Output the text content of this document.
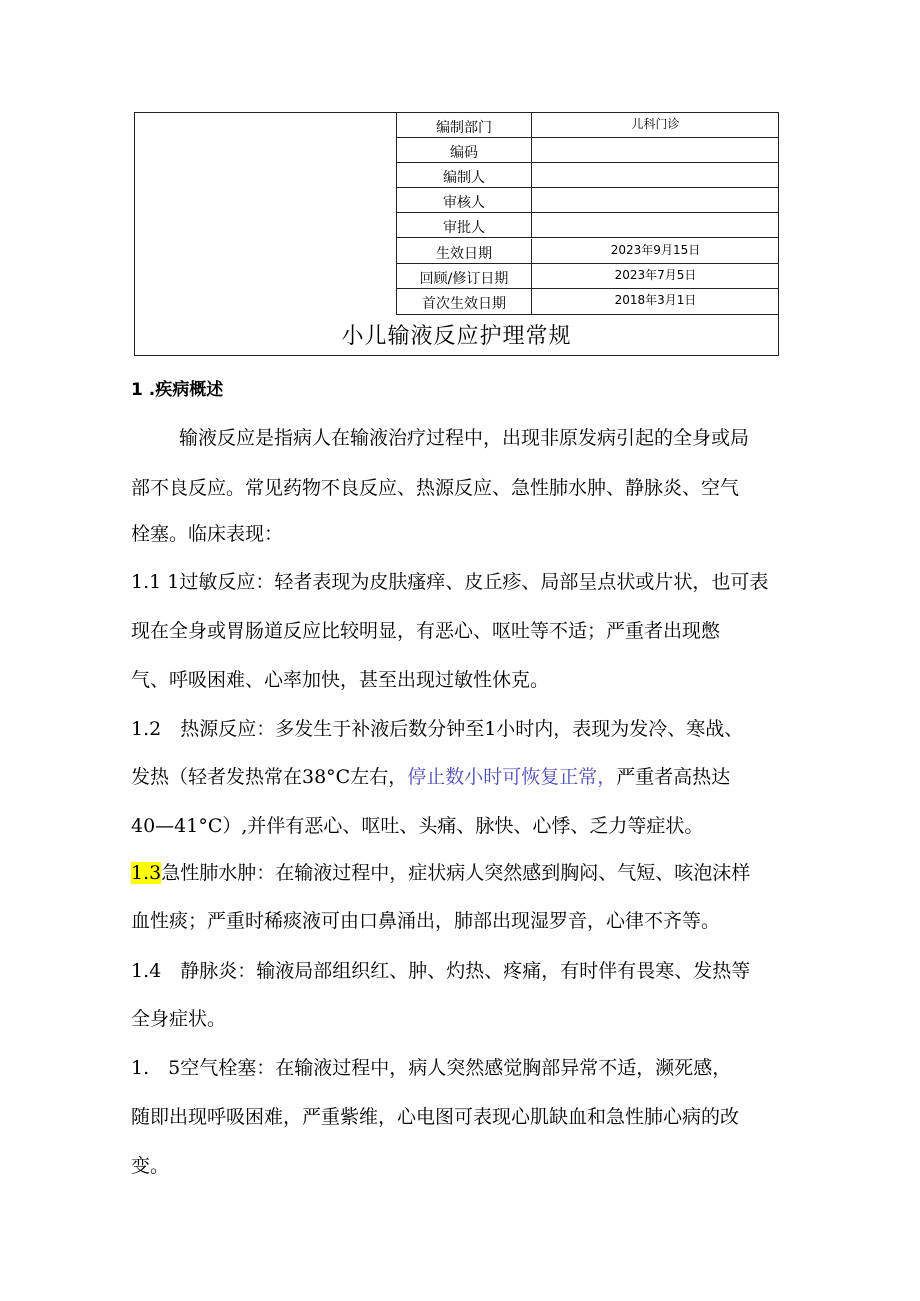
编制部门	儿科门诊
编码
编制人
审核人
审批人
生效日期	2023年9月15日
回顾/修订日期	2023年7月5日
首次生效日期	2018年3月1日
小儿输液反应护理常规
1 .疾病概述
输液反应是指病人在输液治疗过程中，出现非原发病引起的全身或局
部不良反应。常见药物不良反应、热源反应、急性肺水肿、静脉炎、空气
栓塞。临床表现：
1.1 1过敏反应：轻者表现为皮肤瘙痒、皮丘疹、局部呈点状或片状，也可表
现在全身或胃肠道反应比较明显，有恶心、呕吐等不适；严重者出现憋
气、呼吸困难、心率加快，甚至出现过敏性休克。
1.2　热源反应：多发生于补液后数分钟至1小时内，表现为发冷、寒战、
发热（轻者发热常在38°C左右，停止数小时可恢复正常，严重者高热达
40—41°C）,并伴有恶心、呕吐、头痛、脉快、心悸、乏力等症状。
1.3急性肺水肿：在输液过程中，症状病人突然感到胸闷、气短、咳泡沫样
血性痰；严重时稀痰液可由口鼻涌出，肺部出现湿罗音，心律不齐等。
1.4　静脉炎：输液局部组织红、肿、灼热、疼痛，有时伴有畏寒、发热等
全身症状。
1.　5空气栓塞：在输液过程中，病人突然感觉胸部异常不适，濒死感，
随即出现呼吸困难，严重紫维，心电图可表现心肌缺血和急性肺心病的改
变。
